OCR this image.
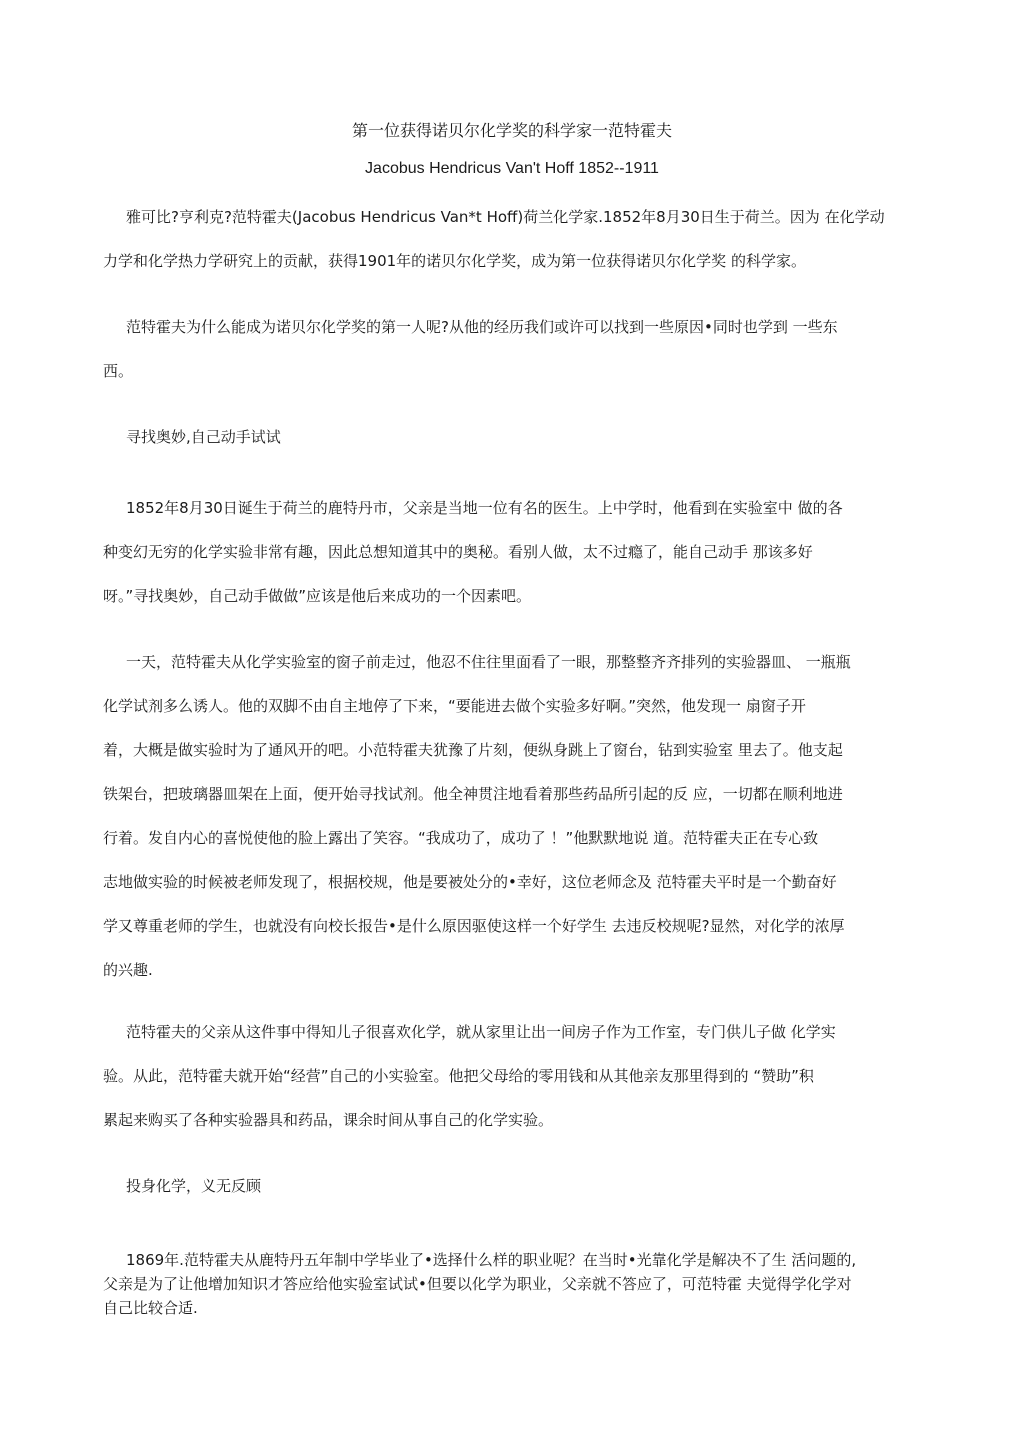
第一位获得诺贝尔化学奖的科学家一范特霍夫
Jacobus Hendricus Van't Hoff 1852--1911
雅可比?亨利克?范特霍夫(Jacobus Hendricus Van*t Hoff)荷兰化学家.1852年8月30日生于荷兰。因为 在化学动
力学和化学热力学研究上的贡献，获得1901年的诺贝尔化学奖，成为第一位获得诺贝尔化学奖 的科学家。
范特霍夫为什么能成为诺贝尔化学奖的第一人呢?从他的经历我们或许可以找到一些原因•同时也学到 一些东
西。
寻找奥妙,自己动手试试
1852年8月30日诞生于荷兰的鹿特丹市，父亲是当地一位有名的医生。上中学时，他看到在实验室中 做的各
种变幻无穷的化学实验非常有趣，因此总想知道其中的奥秘。看别人做，太不过瘾了，能自己动手 那该多好
呀。”寻找奥妙，自己动手做做”应该是他后来成功的一个因素吧。
一天，范特霍夫从化学实验室的窗子前走过，他忍不住往里面看了一眼，那整整齐齐排列的实验器皿、 一瓶瓶
化学试剂多么诱人。他的双脚不由自主地停了下来，“要能进去做个实验多好啊。”突然，他发现一 扇窗子开
着，大概是做实验时为了通风开的吧。小范特霍夫犹豫了片刻，便纵身跳上了窗台，钻到实验室 里去了。他支起
铁架台，把玻璃器皿架在上面，便开始寻找试剂。他全神贯注地看着那些药品所引起的反 应，一切都在顺利地进
行着。发自内心的喜悦使他的脸上露出了笑容。“我成功了，成功了 ！”他默默地说 道。范特霍夫正在专心致
志地做实验的时候被老师发现了，根据校规，他是要被处分的•幸好，这位老师念及 范特霍夫平时是一个勤奋好
学又尊重老师的学生，也就没有向校长报告•是什么原因驱使这样一个好学生 去违反校规呢?显然，对化学的浓厚
的兴趣.
范特霍夫的父亲从这件事中得知儿子很喜欢化学，就从家里让出一间房子作为工作室，专门供儿子做 化学实
验。从此，范特霍夫就开始“经营”自己的小实验室。他把父母给的零用钱和从其他亲友那里得到的 “赞助”积
累起来购买了各种实验器具和药品，课余时间从事自己的化学实验。
投身化学，义无反顾
1869年.范特霍夫从鹿特丹五年制中学毕业了•选择什么样的职业呢？在当时•光靠化学是解决不了生 活问题的,
父亲是为了让他增加知识才答应给他实验室试试•但要以化学为职业，父亲就不答应了，可范特霍 夫觉得学化学对
自己比较合适.
